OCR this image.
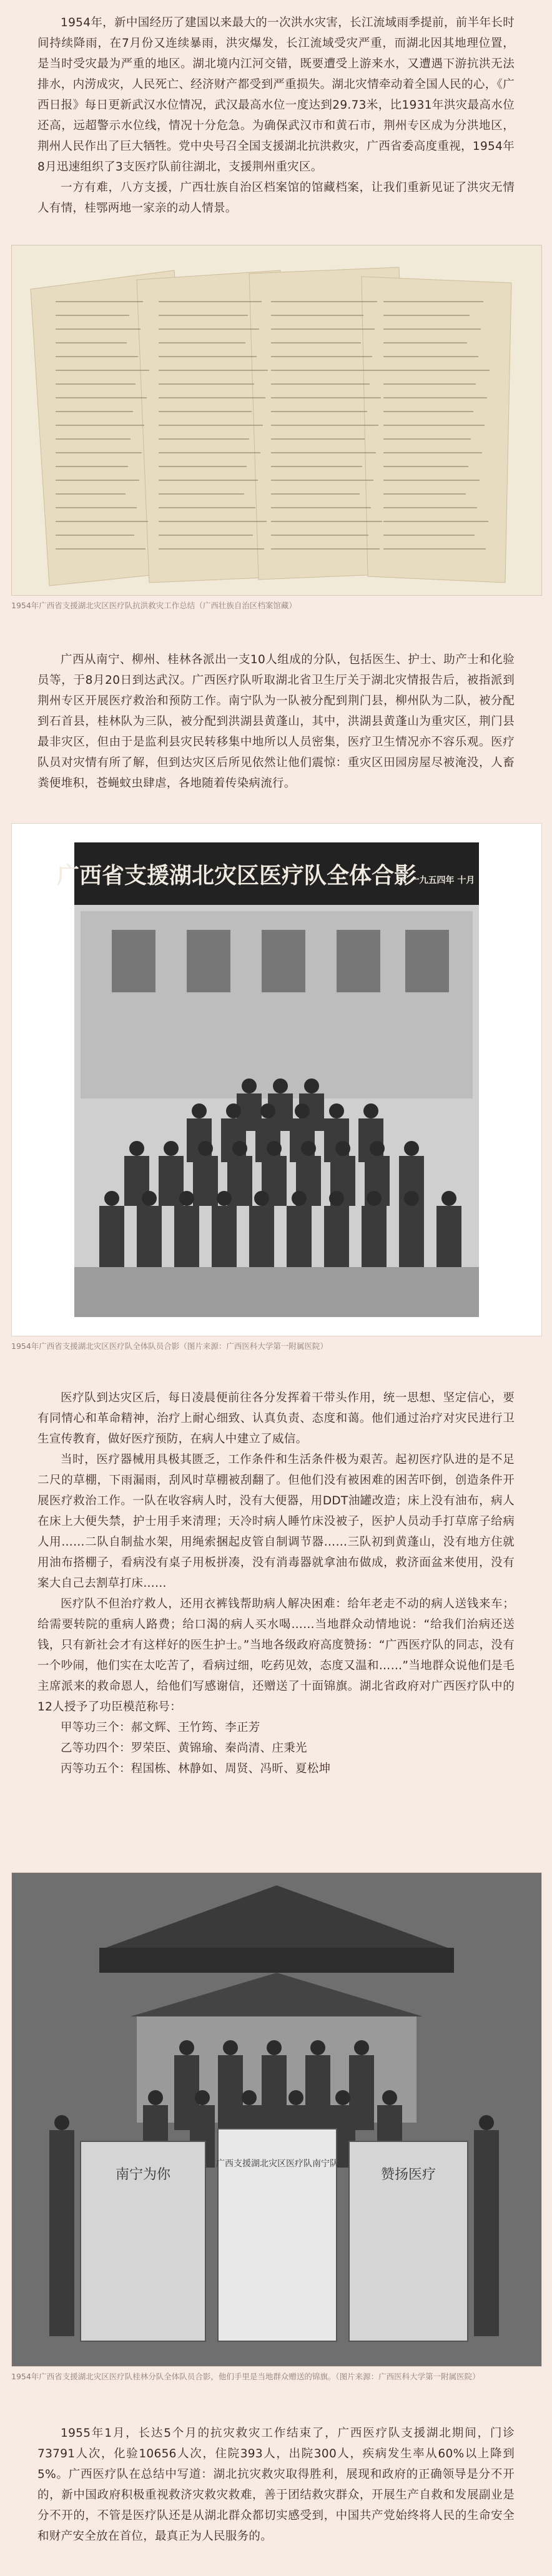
1954年，新中国经历了建国以来最大的一次洪水灾害，长江流域雨季提前，前半年长时间持续降雨，在7月份又连续暴雨，洪灾爆发，长江流域受灾严重，而湖北因其地理位置，是当时受灾最为严重的地区。湖北境内江河交错，既要遭受上游来水，又遭遇下游抗洪无法排水，内涝成灾，人民死亡、经济财产都受到严重损失。湖北灾情牵动着全国人民的心，《广西日报》每日更新武汉水位情况，武汉最高水位一度达到29.73米，比1931年洪灾最高水位还高，远超警示水位线，情况十分危急。为确保武汉市和黄石市，荆州专区成为分洪地区，荆州人民作出了巨大牺牲。党中央号召全国支援湖北抗洪救灾，广西省委高度重视，1954年8月迅速组织了3支医疗队前往湖北，支援荆州重灾区。

一方有难，八方支援，广西壮族自治区档案馆的馆藏档案，让我们重新见证了洪灾无情人有情，桂鄂两地一家亲的动人情景。

1954年广西省支援湖北灾区医疗队抗洪救灾工作总结（广西壮族自治区档案馆藏）

广西从南宁、柳州、桂林各派出一支10人组成的分队，包括医生、护士、助产士和化验员等，于8月20日到达武汉。广西医疗队听取湖北省卫生厅关于湖北灾情报告后，被指派到荆州专区开展医疗救治和预防工作。南宁队为一队被分配到荆门县，柳州队为二队，被分配到石首县，桂林队为三队，被分配到洪湖县黄蓬山，其中，洪湖县黄蓬山为重灾区，荆门县最非灾区，但由于是监利县灾民转移集中地所以人员密集，医疗卫生情况亦不容乐观。医疗队员对灾情有所了解，但到达灾区后所见依然让他们震惊：重灾区田园房屋尽被淹没，人畜粪便堆积，苍蝇蚊虫肆虐，各地随着传染病流行。

广西省支援湖北灾区医疗队全体合影
一九五四年 十月
1954年广西省支援湖北灾区医疗队全体队员合影（图片来源：广西医科大学第一附属医院）

医疗队到达灾区后，每日凌晨便前往各分发挥着干带头作用，统一思想、坚定信心，要有同情心和革命精神，治疗上耐心细致、认真负责、态度和蔼。他们通过治疗对灾民进行卫生宣传教育，做好医疗预防，在病人中建立了威信。

当时，医疗器械用具极其匮乏，工作条件和生活条件极为艰苦。起初医疗队进的是不足二尺的草棚，下雨漏雨，刮风时草棚被刮翻了。但他们没有被困难的困苦吓倒，创造条件开展医疗救治工作。一队在收容病人时，没有大便器，用DDT油罐改造；床上没有油布，病人在床上大便失禁，护士用手来清理；天冷时病人睡竹床没被子，医护人员动手打草席子给病人用……二队自制盐水架，用绳索捆起皮管自制调节器……三队初到黄蓬山，没有地方住就用油布搭棚子，看病没有桌子用板拼凑，没有消毒器就拿油布做成，救济面盆来使用，没有案大自己去割草打床……

医疗队不但治疗救人，还用衣裤钱帮助病人解决困难：给年老走不动的病人送钱来车；给需要转院的重病人路费；给口渴的病人买水喝……当地群众动情地说：“给我们治病还送钱，只有新社会才有这样好的医生护士。”当地各级政府高度赞扬：“广西医疗队的同志，没有一个吵闹，他们实在太吃苦了，看病过细，吃药见效，态度又温和……”当地群众说他们是毛主席派来的救命恩人，给他们写感谢信，还赠送了十面锦旗。湖北省政府对广西医疗队中的12人授予了功臣模范称号：

甲等功三个：郝文辉、王竹筠、李正芳

乙等功四个：罗荣臣、黄锦瑜、秦尚清、庄秉光

丙等功五个：程国栋、林静如、周贤、冯昕、夏松坤

南宁为你
广西支援湖北灾区医疗队南宁队
赞扬医疗
1954年广西省支援湖北灾区医疗队桂林分队全体队员合影，他们手里是当地群众赠送的锦旗。（图片来源：广西医科大学第一附属医院）

1955年1月，长达5个月的抗灾救灾工作结束了，广西医疗队支援湖北期间，门诊73791人次，化验10656人次，住院393人，出院300人，疾病发生率从60%以上降到5%。广西医疗队在总结中写道：湖北抗灾救灾取得胜利，展现和政府的正确领导是分不开的，新中国政府积极重视救济灾救灾救难，善于团结救灾群众，开展生产自救和发展副业是分不开的，不管是医疗队还是从湖北群众都切实感受到，中国共产党始终将人民的生命安全和财产安全放在首位，最真正为人民服务的。
